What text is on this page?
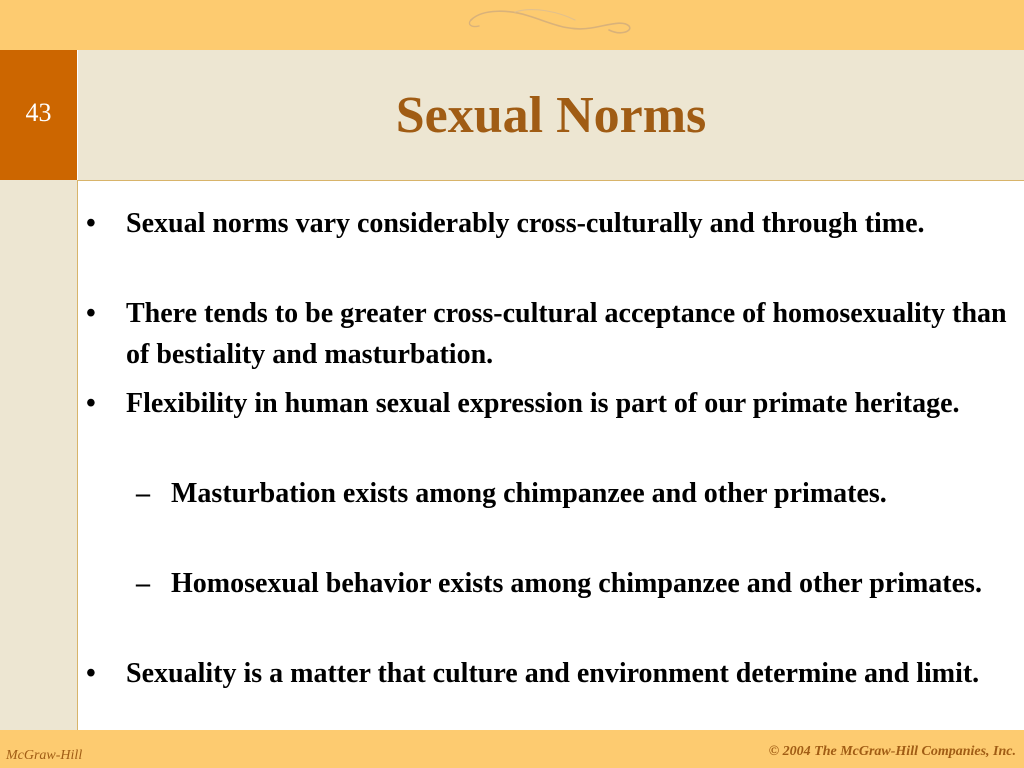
43	Sexual Norms
• Sexual norms vary considerably cross-culturally and through time.
• There tends to be greater cross-cultural acceptance of homosexuality than of bestiality and masturbation.
• Flexibility in human sexual expression is part of our primate heritage.
– Masturbation exists among chimpanzee and other primates.
– Homosexual behavior exists among chimpanzee and other primates.
• Sexuality is a matter that culture and environment determine and limit.
McGraw-Hill	© 2004 The McGraw-Hill Companies, Inc.
